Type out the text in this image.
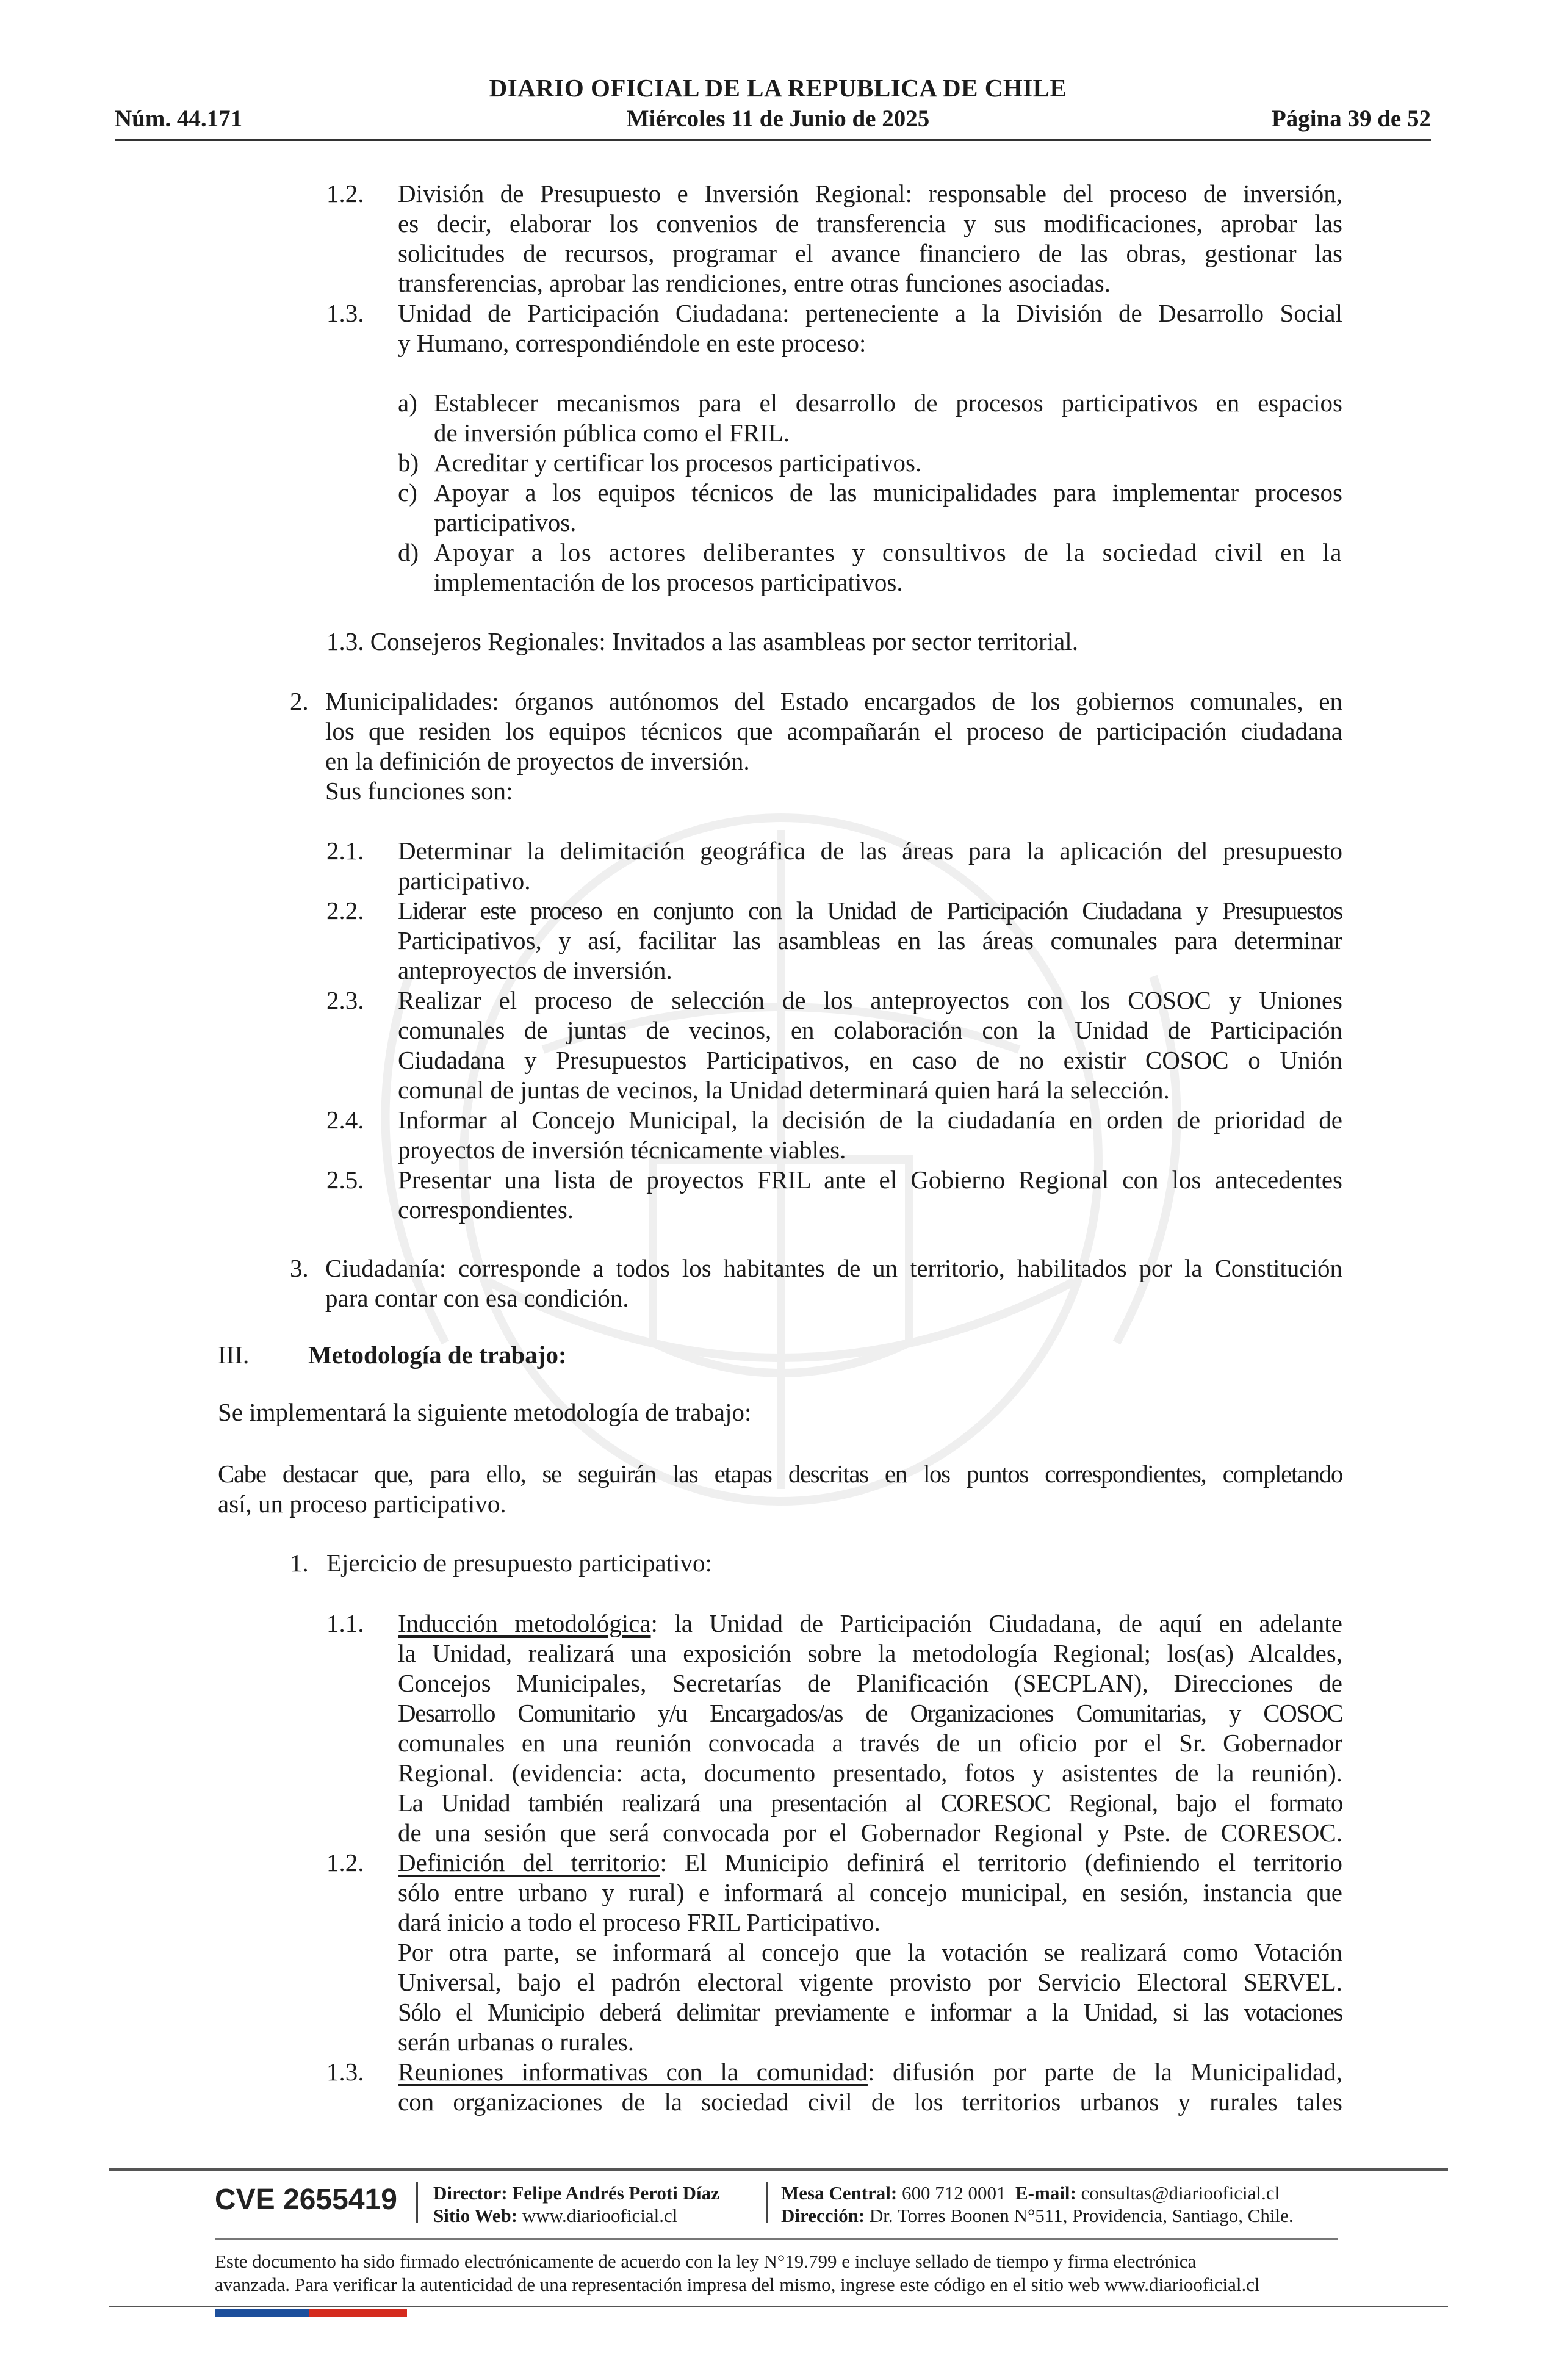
DIARIO OFICIAL DE LA REPUBLICA DE CHILE
Núm. 44.171	Miércoles 11 de Junio de 2025	Página 39 de 52
1.2. División de Presupuesto e Inversión Regional: responsable del proceso de inversión,
es decir, elaborar los convenios de transferencia y sus modificaciones, aprobar las
solicitudes de recursos, programar el avance financiero de las obras, gestionar las
transferencias, aprobar las rendiciones, entre otras funciones asociadas.
1.3. Unidad de Participación Ciudadana: perteneciente a la División de Desarrollo Social
y Humano, correspondiéndole en este proceso:
a) Establecer mecanismos para el desarrollo de procesos participativos en espacios
de inversión pública como el FRIL.
b) Acreditar y certificar los procesos participativos.
c) Apoyar a los equipos técnicos de las municipalidades para implementar procesos
participativos.
d) Apoyar a los actores deliberantes y consultivos de la sociedad civil en la
implementación de los procesos participativos.
1.3. Consejeros Regionales: Invitados a las asambleas por sector territorial.
2. Municipalidades: órganos autónomos del Estado encargados de los gobiernos comunales, en
los que residen los equipos técnicos que acompañarán el proceso de participación ciudadana
en la definición de proyectos de inversión.
Sus funciones son:
2.1. Determinar la delimitación geográfica de las áreas para la aplicación del presupuesto
participativo.
2.2. Liderar este proceso en conjunto con la Unidad de Participación Ciudadana y Presupuestos
Participativos, y así, facilitar las asambleas en las áreas comunales para determinar
anteproyectos de inversión.
2.3. Realizar el proceso de selección de los anteproyectos con los COSOC y Uniones
comunales de juntas de vecinos, en colaboración con la Unidad de Participación
Ciudadana y Presupuestos Participativos, en caso de no existir COSOC o Unión
comunal de juntas de vecinos, la Unidad determinará quien hará la selección.
2.4. Informar al Concejo Municipal, la decisión de la ciudadanía en orden de prioridad de
proyectos de inversión técnicamente viables.
2.5. Presentar una lista de proyectos FRIL ante el Gobierno Regional con los antecedentes
correspondientes.
3. Ciudadanía: corresponde a todos los habitantes de un territorio, habilitados por la Constitución
para contar con esa condición.
III. Metodología de trabajo:
Se implementará la siguiente metodología de trabajo:
Cabe destacar que, para ello, se seguirán las etapas descritas en los puntos correspondientes, completando
así, un proceso participativo.
1. Ejercicio de presupuesto participativo:
1.1. Inducción metodológica: la Unidad de Participación Ciudadana, de aquí en adelante
la Unidad, realizará una exposición sobre la metodología Regional; los(as) Alcaldes,
Concejos Municipales, Secretarías de Planificación (SECPLAN), Direcciones de
Desarrollo Comunitario y/u Encargados/as de Organizaciones Comunitarias, y COSOC
comunales en una reunión convocada a través de un oficio por el Sr. Gobernador
Regional. (evidencia: acta, documento presentado, fotos y asistentes de la reunión).
La Unidad también realizará una presentación al CORESOC Regional, bajo el formato
de una sesión que será convocada por el Gobernador Regional y Pste. de CORESOC.
1.2. Definición del territorio: El Municipio definirá el territorio (definiendo el territorio
sólo entre urbano y rural) e informará al concejo municipal, en sesión, instancia que
dará inicio a todo el proceso FRIL Participativo.
Por otra parte, se informará al concejo que la votación se realizará como Votación
Universal, bajo el padrón electoral vigente provisto por Servicio Electoral SERVEL.
Sólo el Municipio deberá delimitar previamente e informar a la Unidad, si las votaciones
serán urbanas o rurales.
1.3. Reuniones informativas con la comunidad: difusión por parte de la Municipalidad,
con organizaciones de la sociedad civil de los territorios urbanos y rurales tales
CVE 2655419 Director: Felipe Andrés Peroti Díaz
Sitio Web: www.diariooficial.cl
Mesa Central: 600 712 0001 E-mail: consultas@diariooficial.cl
Dirección: Dr. Torres Boonen N°511, Providencia, Santiago, Chile.
Este documento ha sido firmado electrónicamente de acuerdo con la ley N°19.799 e incluye sellado de tiempo y firma electrónica
avanzada. Para verificar la autenticidad de una representación impresa del mismo, ingrese este código en el sitio web www.diariooficial.cl
